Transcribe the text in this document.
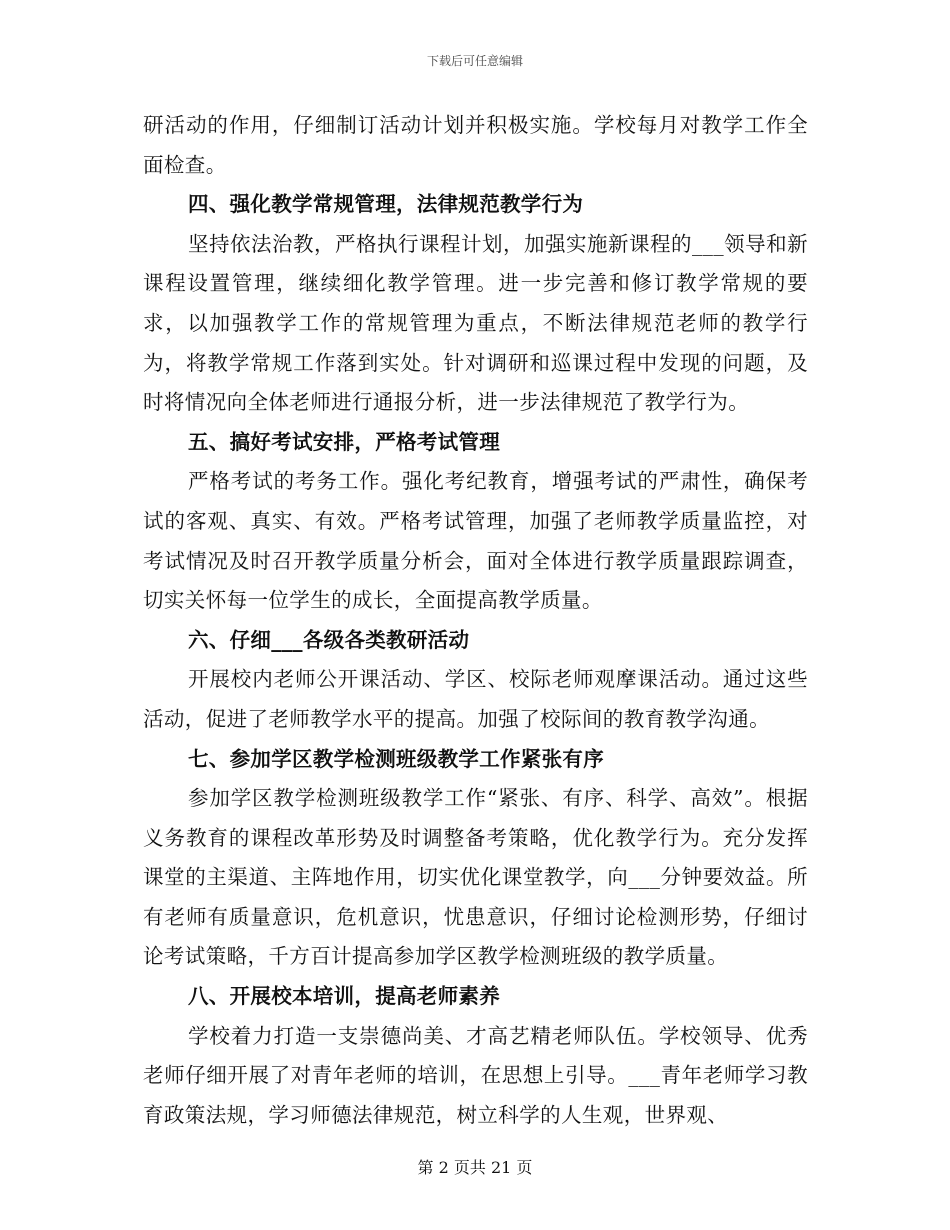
下载后可任意编辑

研活动的作用，仔细制订活动计划并积极实施。学校每月对教学工作全面检查。

四、强化教学常规管理，法律规范教学行为

坚持依法治教，严格执行课程计划，加强实施新课程的___领导和新课程设置管理，继续细化教学管理。进一步完善和修订教学常规的要求，以加强教学工作的常规管理为重点，不断法律规范老师的教学行为，将教学常规工作落到实处。针对调研和巡课过程中发现的问题，及时将情况向全体老师进行通报分析，进一步法律规范了教学行为。

五、搞好考试安排，严格考试管理

严格考试的考务工作。强化考纪教育，增强考试的严肃性，确保考试的客观、真实、有效。严格考试管理，加强了老师教学质量监控，对考试情况及时召开教学质量分析会，面对全体进行教学质量跟踪调查，切实关怀每一位学生的成长，全面提高教学质量。

六、仔细___各级各类教研活动

开展校内老师公开课活动、学区、校际老师观摩课活动。通过这些活动，促进了老师教学水平的提高。加强了校际间的教育教学沟通。

七、参加学区教学检测班级教学工作紧张有序

参加学区教学检测班级教学工作“紧张、有序、科学、高效”。根据义务教育的课程改革形势及时调整备考策略，优化教学行为。充分发挥课堂的主渠道、主阵地作用，切实优化课堂教学，向___分钟要效益。所有老师有质量意识，危机意识，忧患意识，仔细讨论检测形势，仔细讨论考试策略，千方百计提高参加学区教学检测班级的教学质量。

八、开展校本培训，提高老师素养

学校着力打造一支崇德尚美、才高艺精老师队伍。学校领导、优秀老师仔细开展了对青年老师的培训，在思想上引导。___青年老师学习教育政策法规，学习师德法律规范，树立科学的人生观，世界观、

第 2 页共 21 页
